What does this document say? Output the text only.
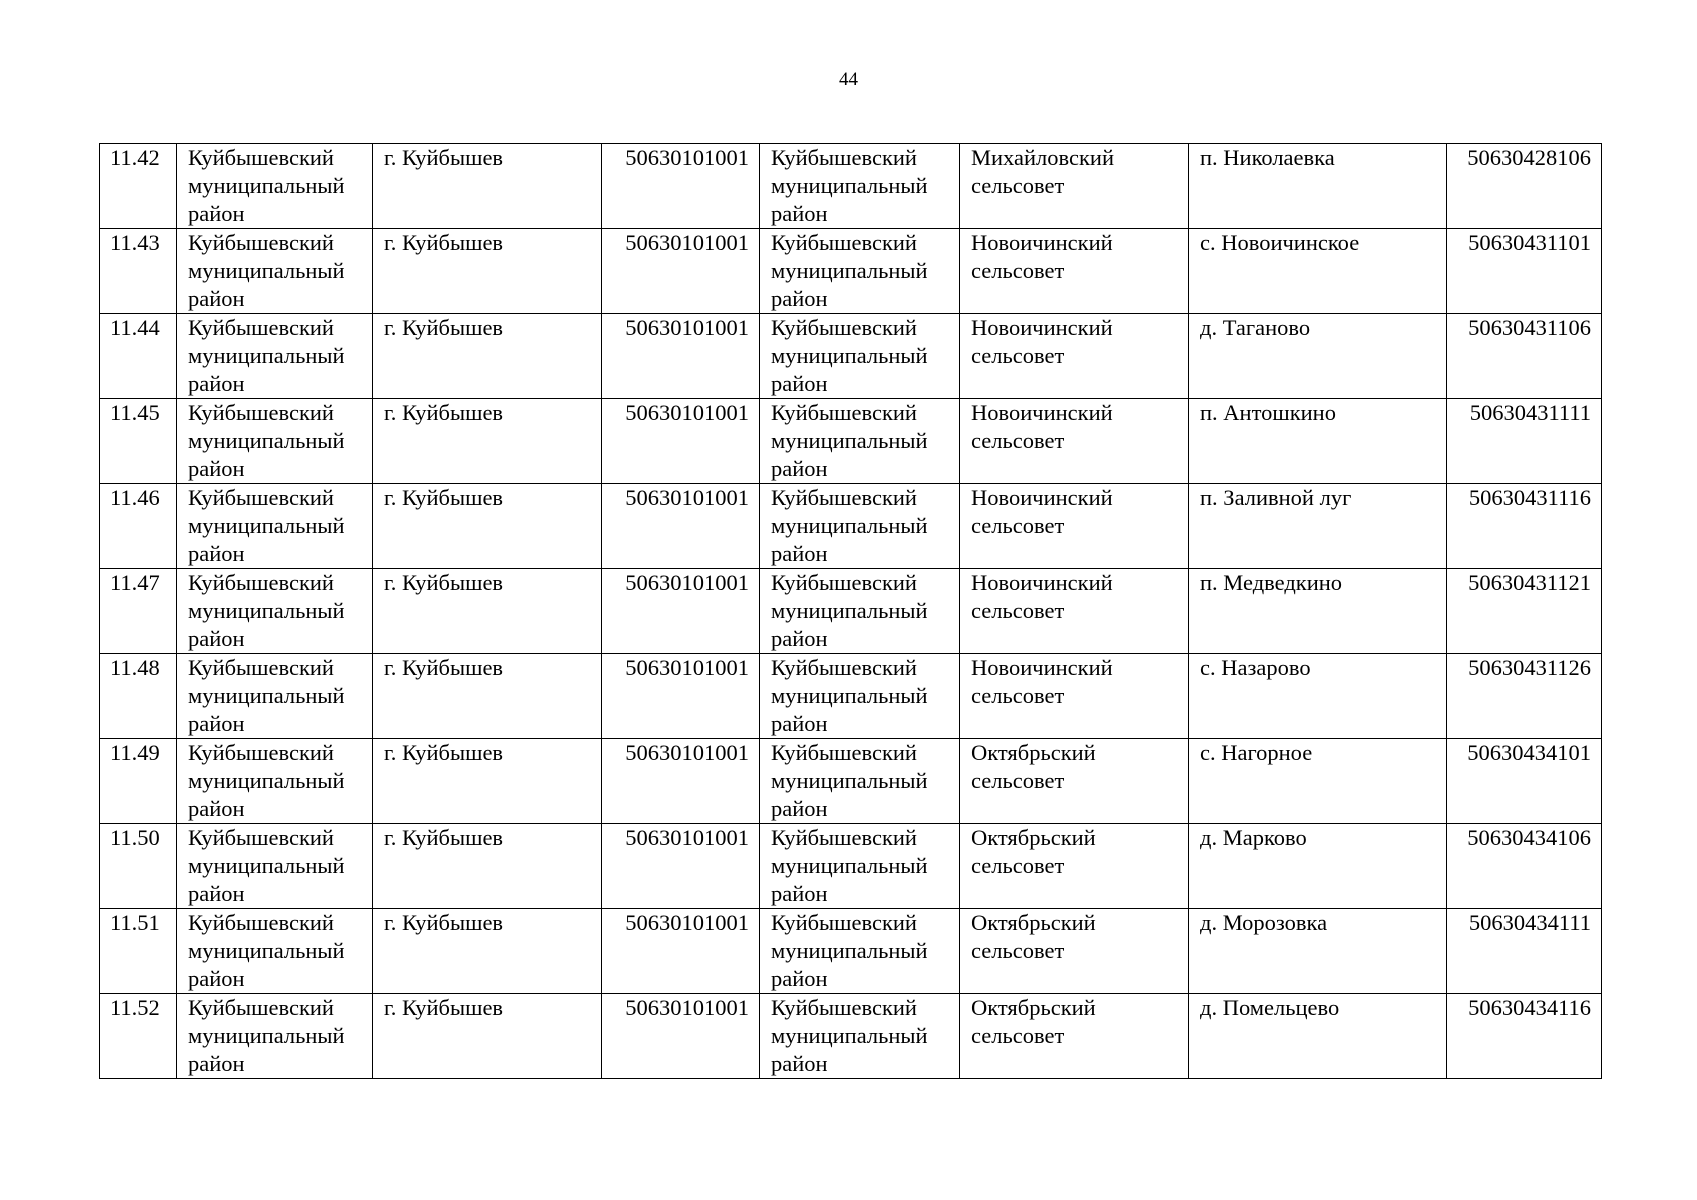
44
11.42	Куйбышевский
муниципальный
район	г. Куйбышев	50630101001	Куйбышевский
муниципальный
район	Михайловский
сельсовет	п. Николаевка	50630428106
11.43	Куйбышевский
муниципальный
район	г. Куйбышев	50630101001	Куйбышевский
муниципальный
район	Новоичинский
сельсовет	с. Новоичинское	50630431101
11.44	Куйбышевский
муниципальный
район	г. Куйбышев	50630101001	Куйбышевский
муниципальный
район	Новоичинский
сельсовет	д. Таганово	50630431106
11.45	Куйбышевский
муниципальный
район	г. Куйбышев	50630101001	Куйбышевский
муниципальный
район	Новоичинский
сельсовет	п. Антошкино	50630431111
11.46	Куйбышевский
муниципальный
район	г. Куйбышев	50630101001	Куйбышевский
муниципальный
район	Новоичинский
сельсовет	п. Заливной луг	50630431116
11.47	Куйбышевский
муниципальный
район	г. Куйбышев	50630101001	Куйбышевский
муниципальный
район	Новоичинский
сельсовет	п. Медведкино	50630431121
11.48	Куйбышевский
муниципальный
район	г. Куйбышев	50630101001	Куйбышевский
муниципальный
район	Новоичинский
сельсовет	с. Назарово	50630431126
11.49	Куйбышевский
муниципальный
район	г. Куйбышев	50630101001	Куйбышевский
муниципальный
район	Октябрьский
сельсовет	с. Нагорное	50630434101
11.50	Куйбышевский
муниципальный
район	г. Куйбышев	50630101001	Куйбышевский
муниципальный
район	Октябрьский
сельсовет	д. Марково	50630434106
11.51	Куйбышевский
муниципальный
район	г. Куйбышев	50630101001	Куйбышевский
муниципальный
район	Октябрьский
сельсовет	д. Морозовка	50630434111
11.52	Куйбышевский
муниципальный
район	г. Куйбышев	50630101001	Куйбышевский
муниципальный
район	Октябрьский
сельсовет	д. Помельцево	50630434116
